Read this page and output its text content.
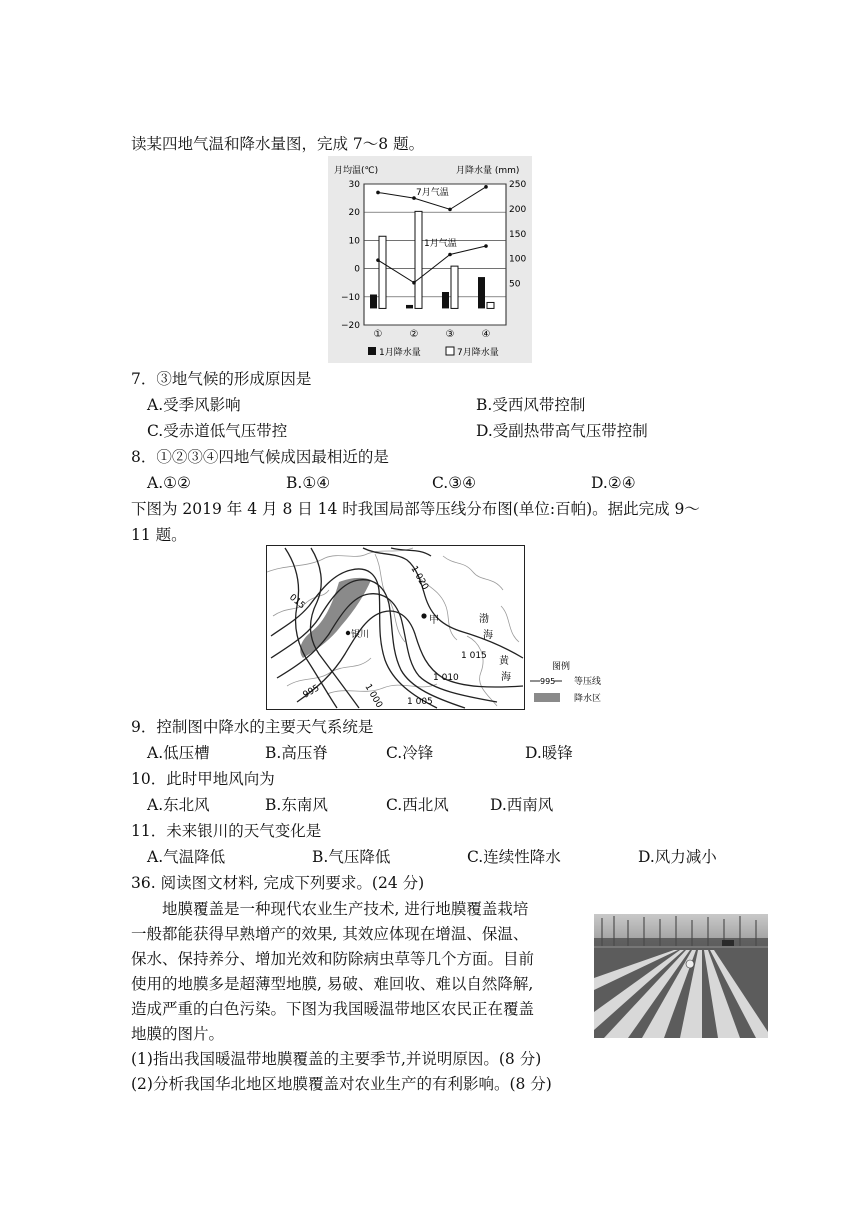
读某四地气温和降水量图，完成 7～8 题。
月均温(℃)	月降水量 (mm)
30
20
10
0
−10
−20
250
200
150
100
50
①	②	③	④
7月气温
1月气温
1月降水量	7月降水量
7．③地气候的形成原因是
A.受季风影响	B.受西风带控制
C.受赤道低气压带控	D.受副热带高气压带控制
8．①②③④四地气候成因最相近的是
A.①②	B.①④	C.③④	D.②④
下图为 2019 年 4 月 8 日 14 时我国局部等压线分布图(单位:百帕)。据此完成 9～
11 题。
1 020
015
1 015
1 010
1 005
1 000
995
银川
甲	渤
海
黄
海
图例
995 等压线
降水区
9．控制图中降水的主要天气系统是
A.低压槽	B.高压脊	C.冷锋	D.暖锋
10．此时甲地风向为
A.东北风	B.东南风	C.西北风	D.西南风
11．未来银川的天气变化是
A.气温降低	B.气压降低	C.连续性降水	D.风力减小
36. 阅读图文材料, 完成下列要求。(24 分)
地膜覆盖是一种现代农业生产技术, 进行地膜覆盖栽培
一般都能获得早熟增产的效果, 其效应体现在增温、保温、
保水、保持养分、增加光效和防除病虫草等几个方面。目前
使用的地膜多是超薄型地膜, 易破、难回收、难以自然降解,
造成严重的白色污染。下图为我国暖温带地区农民正在覆盖
地膜的图片。
(1)指出我国暖温带地膜覆盖的主要季节,并说明原因。(8 分)
(2)分析我国华北地区地膜覆盖对农业生产的有利影响。(8 分)
